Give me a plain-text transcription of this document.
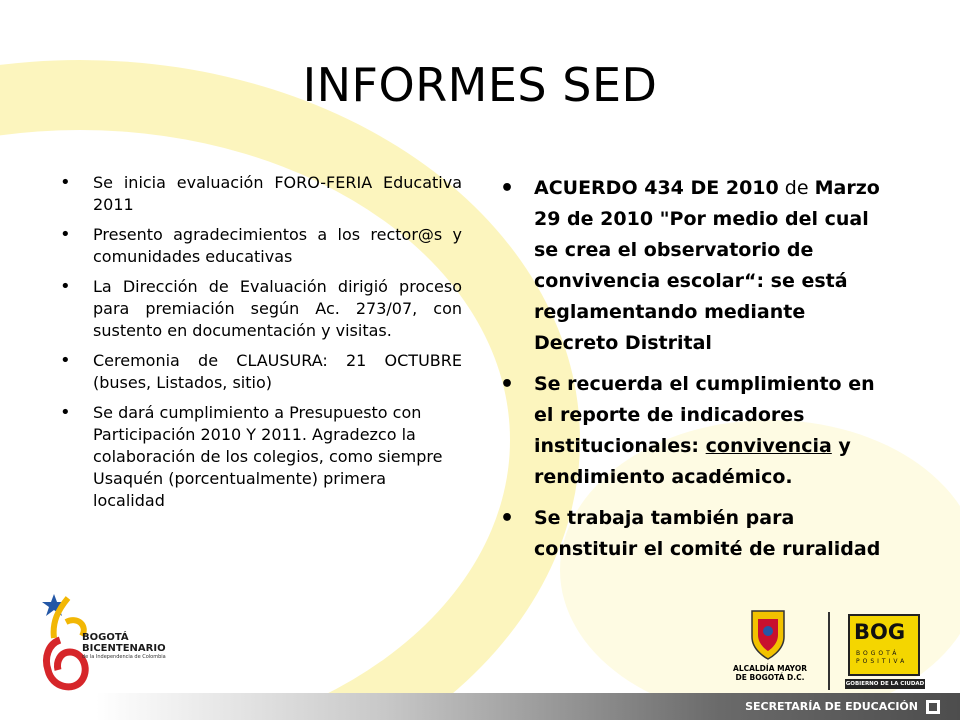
INFORMES SED
• Se inicia evaluación FORO-FERIA Educativa 2011
• Presento agradecimientos a los rector@s y comunidades educativas
• La Dirección de Evaluación dirigió proceso para premiación según Ac. 273/07, con sustento en documentación y visitas.
• Ceremonia de CLAUSURA: 21 OCTUBRE (buses, Listados, sitio)
• Se dará cumplimiento a Presupuesto con Participación 2010 Y 2011. Agradezco la colaboración de los colegios, como siempre Usaquén (porcentualmente) primera localidad
• ACUERDO 434 DE 2010 de Marzo 29 de 2010 "Por medio del cual se crea el observatorio de convivencia escolar“: se está reglamentando mediante Decreto Distrital
• Se recuerda el cumplimiento en el reporte de indicadores institucionales: convivencia y rendimiento académico.
• Se trabaja también para constituir el comité de ruralidad
BOGOTÁ
BICENTENARIO
de la Independencia de Colombia
ALCALDÍA MAYOR
DE BOGOTÁ D.C.
BOG
BOGOTÁ
POSITIVA
GOBIERNO DE LA CIUDAD
SECRETARÍA DE EDUCACIÓN
